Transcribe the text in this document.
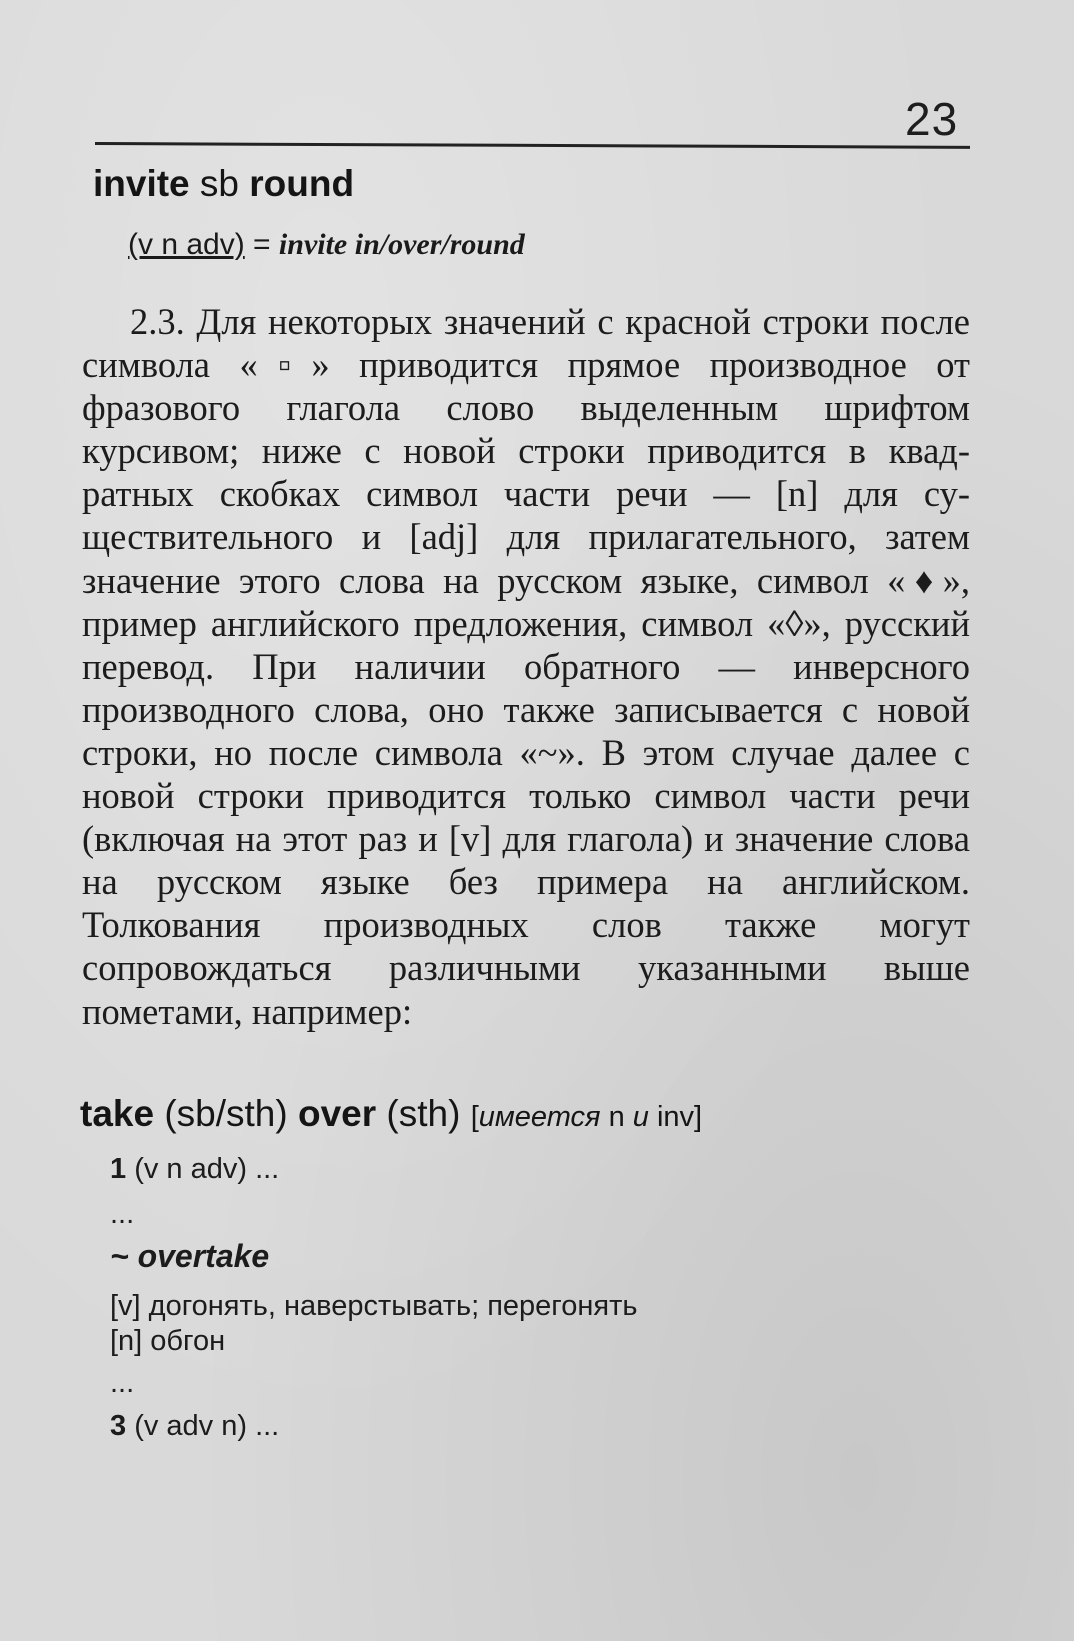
23
invite sb round
(v n adv) = invite in/over/round

2.3. Для некоторых значений с красной строки после символа «▫» приводится прямое производное от фразового глагола слово выделенным шрифтом курсивом; ниже с новой строки приводится в квадратных скобках символ части речи — [n] для существительного и [adj] для прилагательного, затем значение этого слова на русском языке, символ «♦», пример английского предложения, символ «◊», русский перевод. При наличии обратного — инверсного производного слова, оно также записывается с новой строки, но после символа «~». В этом случае далее с новой строки приводится только символ части речи (включая на этот раз и [v] для глагола) и значение слова на русском языке без примера на английском. Толкования производных слов также могут сопровождаться различными указанными выше пометами, например:

take (sb/sth) over (sth) [имеется n и inv]
1 (v n adv) ...
...
~ overtake
[v] догонять, наверстывать; перегонять
[n] обгон
...
3 (v adv n) ...
